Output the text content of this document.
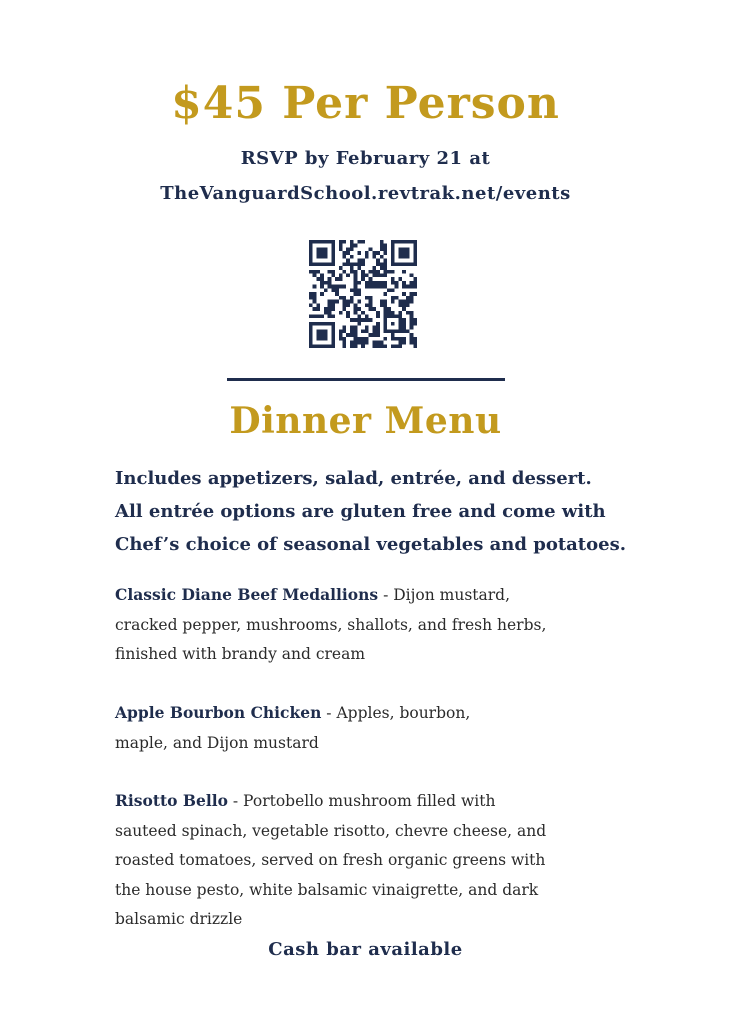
$45 Per Person
RSVP by February 21 at
TheVanguardSchool.revtrak.net/events
Dinner Menu
Includes appetizers, salad, entrée, and dessert.
All entrée options are gluten free and come with
Chef’s choice of seasonal vegetables and potatoes.
Classic Diane Beef Medallions - Dijon mustard,
cracked pepper, mushrooms, shallots, and fresh herbs,
finished with brandy and cream
Apple Bourbon Chicken - Apples, bourbon,
maple, and Dijon mustard
Risotto Bello - Portobello mushroom filled with
sauteed spinach, vegetable risotto, chevre cheese, and
roasted tomatoes, served on fresh organic greens with
the house pesto, white balsamic vinaigrette, and dark
balsamic drizzle
Cash bar available
